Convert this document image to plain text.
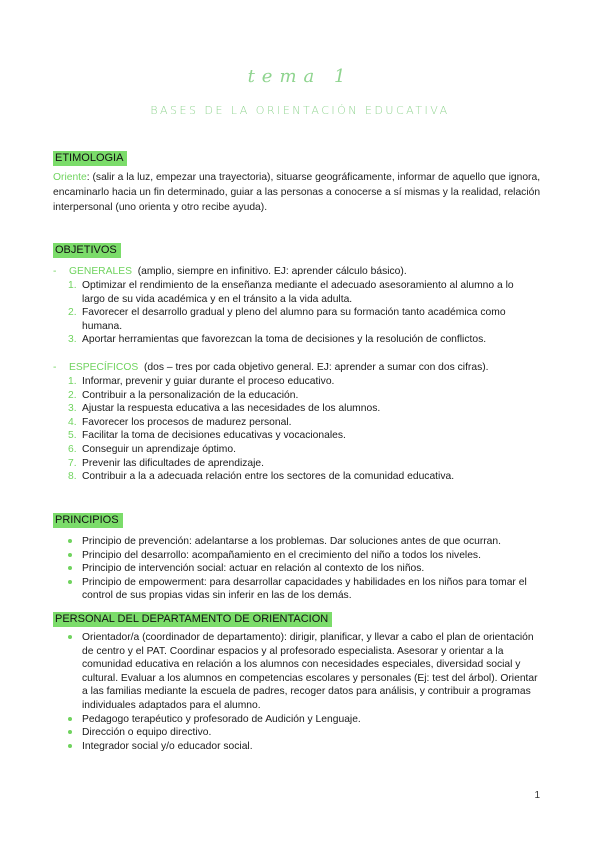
tema 1
BASES DE LA ORIENTACIÓN EDUCATIVA
ETIMOLOGIA
Oriente: (salir a la luz, empezar una trayectoria), situarse geográficamente, informar de aquello que ignora, encaminarlo hacia un fin determinado, guiar a las personas a conocerse a sí mismas y la realidad, relación interpersonal (uno orienta y otro recibe ayuda).
OBJETIVOS
- GENERALES (amplio, siempre en infinitivo. EJ: aprender cálculo básico).
1. Optimizar el rendimiento de la enseñanza mediante el adecuado asesoramiento al alumno a lo largo de su vida académica y en el tránsito a la vida adulta.
2. Favorecer el desarrollo gradual y pleno del alumno para su formación tanto académica como humana.
3. Aportar herramientas que favorezcan la toma de decisiones y la resolución de conflictos.
- ESPECÍFICOS (dos – tres por cada objetivo general. EJ: aprender a sumar con dos cifras).
1. Informar, prevenir y guiar durante el proceso educativo.
2. Contribuir a la personalización de la educación.
3. Ajustar la respuesta educativa a las necesidades de los alumnos.
4. Favorecer los procesos de madurez personal.
5. Facilitar la toma de decisiones educativas y vocacionales.
6. Conseguir un aprendizaje óptimo.
7. Prevenir las dificultades de aprendizaje.
8. Contribuir a la a adecuada relación entre los sectores de la comunidad educativa.
PRINCIPIOS
Principio de prevención: adelantarse a los problemas. Dar soluciones antes de que ocurran.
Principio del desarrollo: acompañamiento en el crecimiento del niño a todos los niveles.
Principio de intervención social: actuar en relación al contexto de los niños.
Principio de empowerment: para desarrollar capacidades y habilidades en los niños para tomar el control de sus propias vidas sin inferir en las de los demás.
PERSONAL DEL DEPARTAMENTO DE ORIENTACION
Orientador/a (coordinador de departamento): dirigir, planificar, y llevar a cabo el plan de orientación de centro y el PAT. Coordinar espacios y al profesorado especialista. Asesorar y orientar a la comunidad educativa en relación a los alumnos con necesidades especiales, diversidad social y cultural. Evaluar a los alumnos en competencias escolares y personales (Ej: test del árbol). Orientar a las familias mediante la escuela de padres, recoger datos para análisis, y contribuir a programas individuales adaptados para el alumno.
Pedagogo terapéutico y profesorado de Audición y Lenguaje.
Dirección o equipo directivo.
Integrador social y/o educador social.
1
